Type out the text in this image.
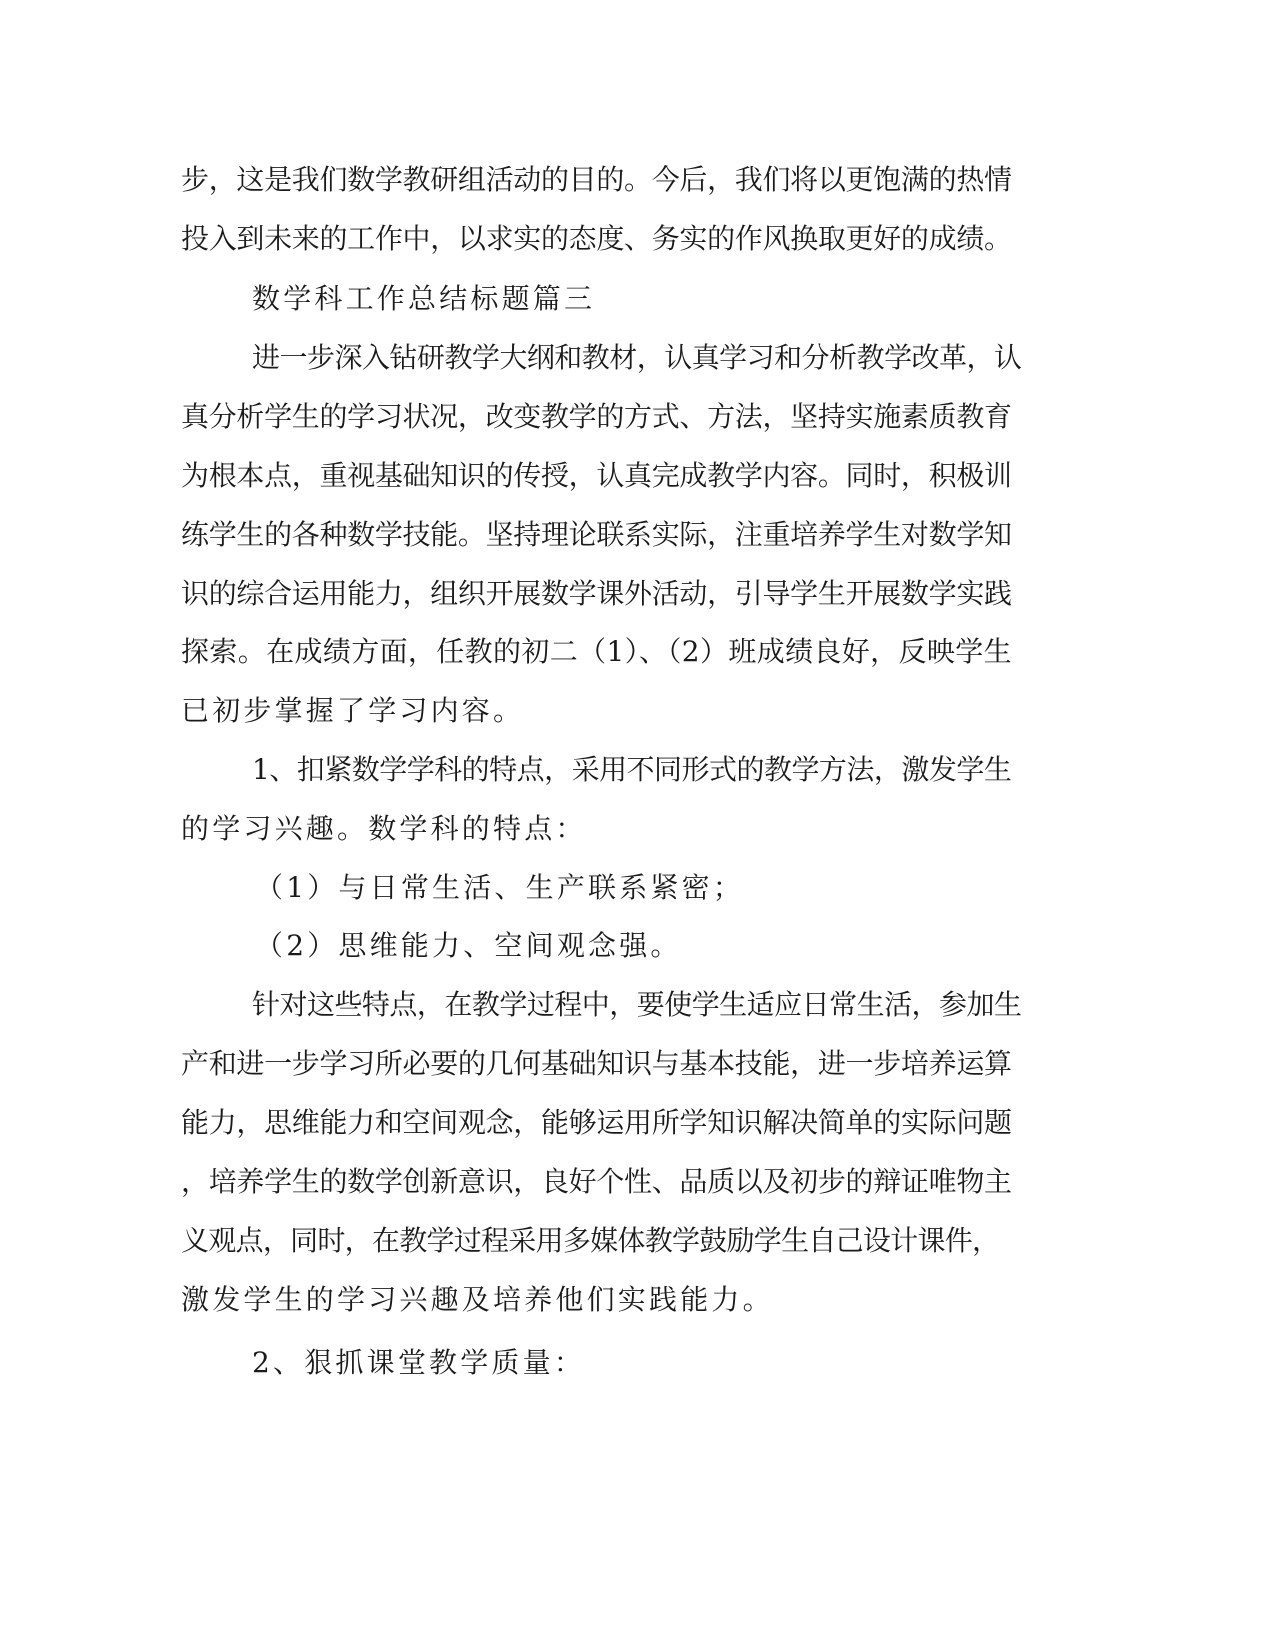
步，这是我们数学教研组活动的目的。今后，我们将以更饱满的热情
投入到未来的工作中，以求实的态度、务实的作风换取更好的成绩。
数学科工作总结标题篇三
进一步深入钻研教学大纲和教材，认真学习和分析教学改革，认
真分析学生的学习状况，改变教学的方式、方法，坚持实施素质教育
为根本点，重视基础知识的传授，认真完成教学内容。同时，积极训
练学生的各种数学技能。坚持理论联系实际，注重培养学生对数学知
识的综合运用能力，组织开展数学课外活动，引导学生开展数学实践
探索。在成绩方面，任教的初二（1）、（2）班成绩良好，反映学生
已初步掌握了学习内容。
1、扣紧数学学科的特点，采用不同形式的教学方法，激发学生
的学习兴趣。数学科的特点：
（1）与日常生活、生产联系紧密；
（2）思维能力、空间观念强。
针对这些特点，在教学过程中，要使学生适应日常生活，参加生
产和进一步学习所必要的几何基础知识与基本技能，进一步培养运算
能力，思维能力和空间观念，能够运用所学知识解决简单的实际问题
，培养学生的数学创新意识，良好个性、品质以及初步的辩证唯物主
义观点，同时，在教学过程采用多媒体教学鼓励学生自己设计课件，
激发学生的学习兴趣及培养他们实践能力。
2、狠抓课堂教学质量：
